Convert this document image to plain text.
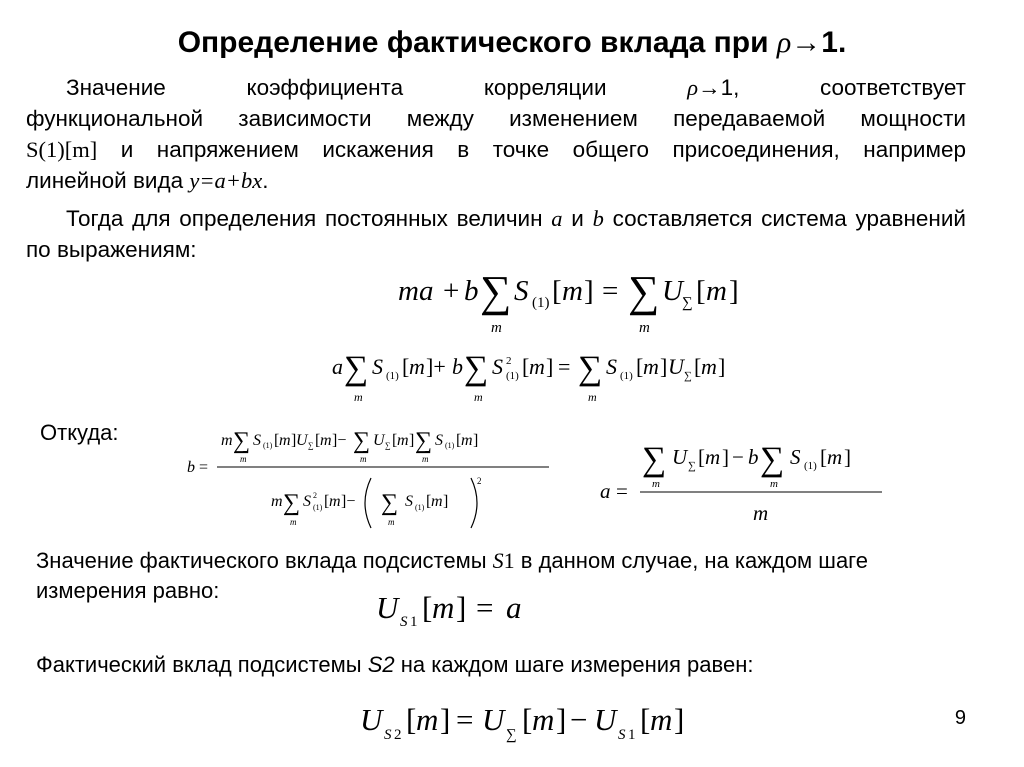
Определение фактического вклада при ρ→1.
Значение	коэффициента	корреляции	ρ→1,	соответствует
функциональной зависимости между изменением передаваемой мощности
S(1)[m] и напряжением искажения в точке общего присоединения, например
линейной вида y=a+bx.
Тогда для определения постоянных величин a и b составляется система уравнений по выражениям:
ma + b ∑
m
S (1) [ m ] = ∑
m
U ∑ [ m ]
a ∑
m
S (1) [ m ]+ b ∑
m
S 2
(1) [ m ] = ∑
m
S (1) [ m ] U ∑ [ m ]
Откуда:
b =
m ∑
m
S (1) [ m ] U ∑ [ m ]− ∑
m
U ∑ [ m ] ∑
m
S (1) [ m ]
m ∑
m
S 2
(1) [ m ]−
2
∑
m
S (1) [ m ]	a =
∑
m
U ∑ [ m ] − b ∑
m
S (1) [ m ]
m
Значение фактического вклада подсистемы S1 в данном случае, на каждом шаге измерения равно:	U S 1 [ m ] = a
Фактический вклад подсистемы S2 на каждом шаге измерения равен:
U S 2 [ m ] = U ∑ [ m ] − U S 1 [ m ]	9
